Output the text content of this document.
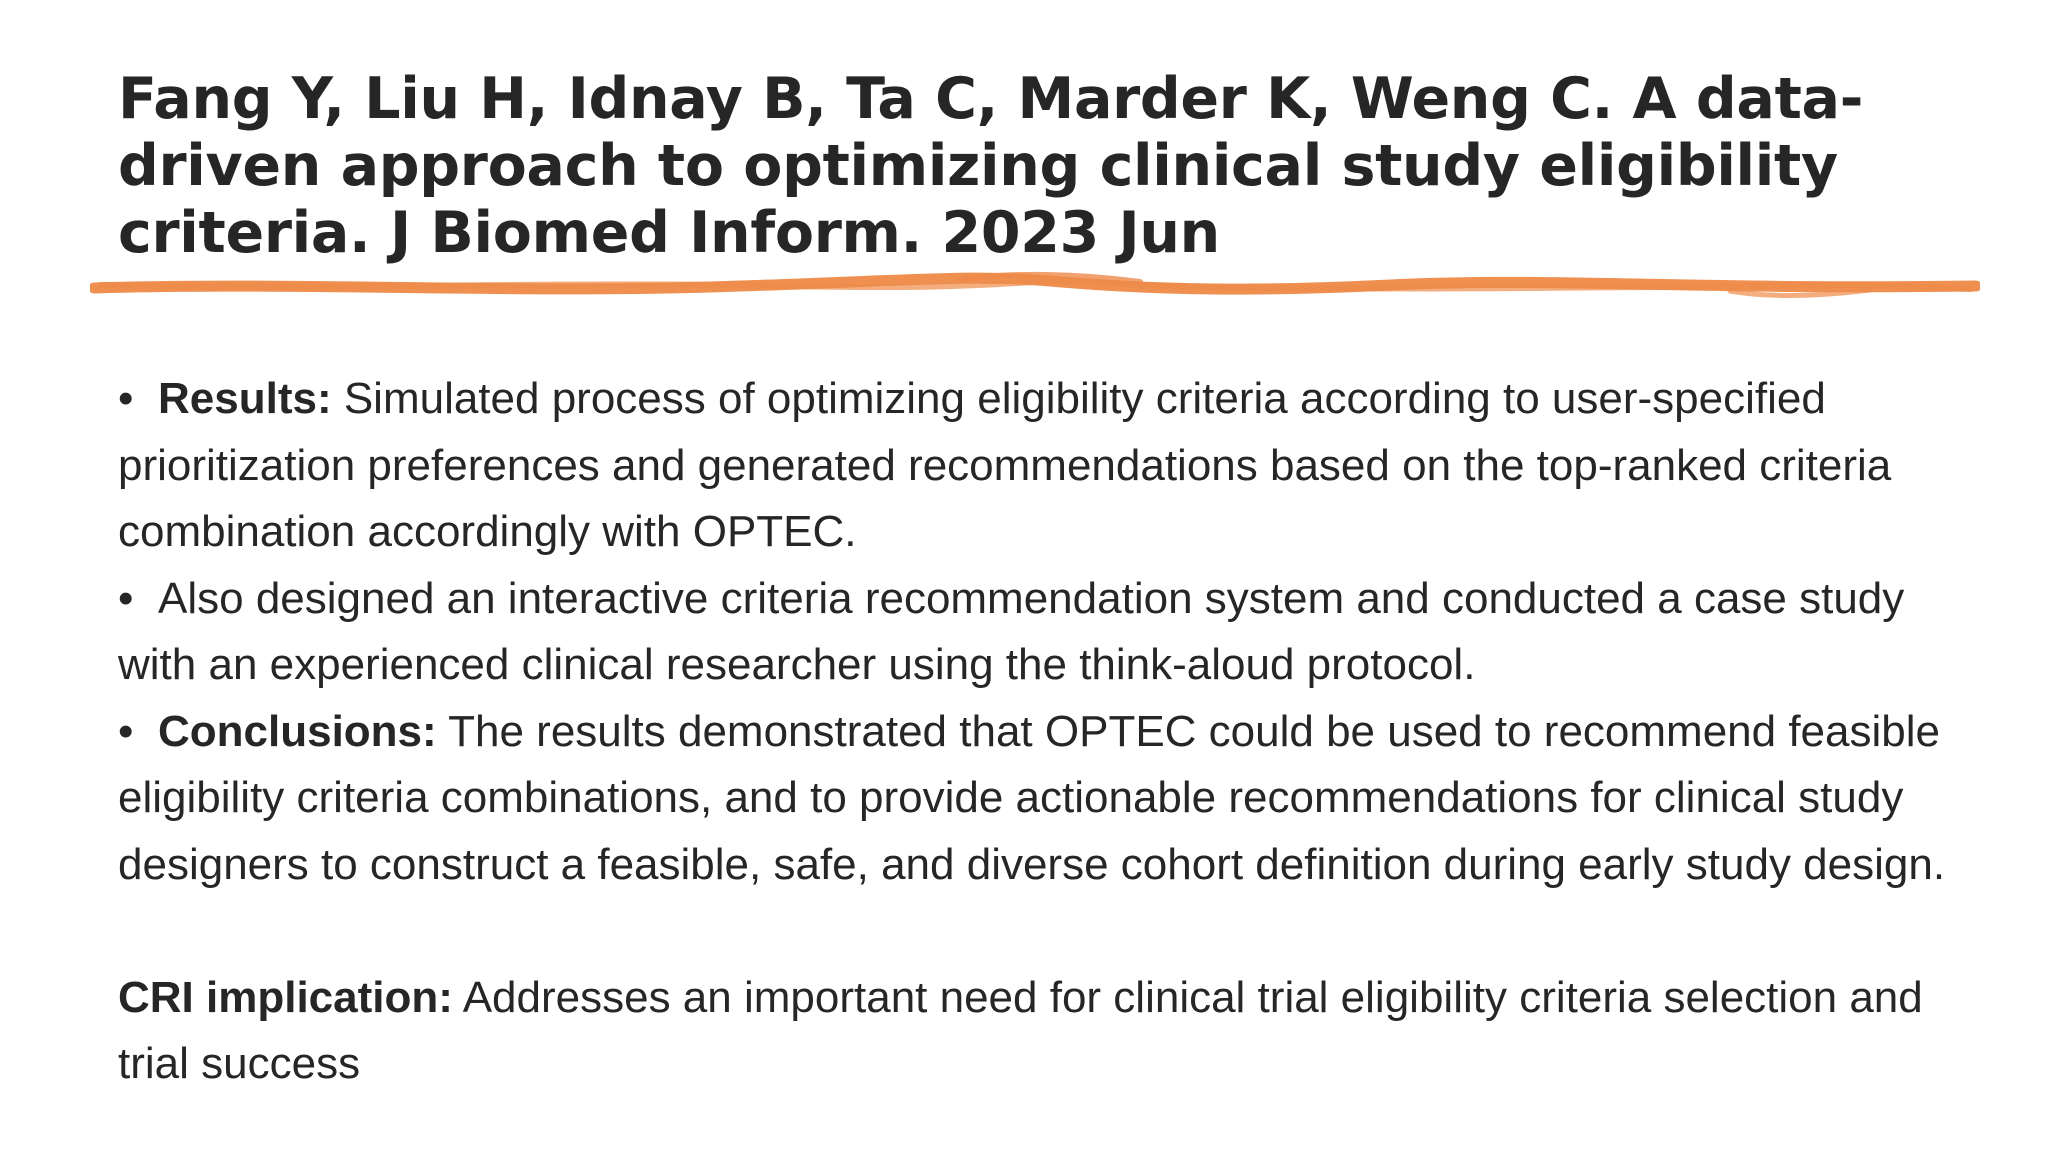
Fang Y, Liu H, Idnay B, Ta C, Marder K, Weng C. A data-driven approach to optimizing clinical study eligibility criteria. J Biomed Inform. 2023 Jun

• Results: Simulated process of optimizing eligibility criteria according to user-specified prioritization preferences and generated recommendations based on the top-ranked criteria combination accordingly with OPTEC.

• Also designed an interactive criteria recommendation system and conducted a case study with an experienced clinical researcher using the think-aloud protocol.

• Conclusions: The results demonstrated that OPTEC could be used to recommend feasible eligibility criteria combinations, and to provide actionable recommendations for clinical study designers to construct a feasible, safe, and diverse cohort definition during early study design.

CRI implication: Addresses an important need for clinical trial eligibility criteria selection and trial success
